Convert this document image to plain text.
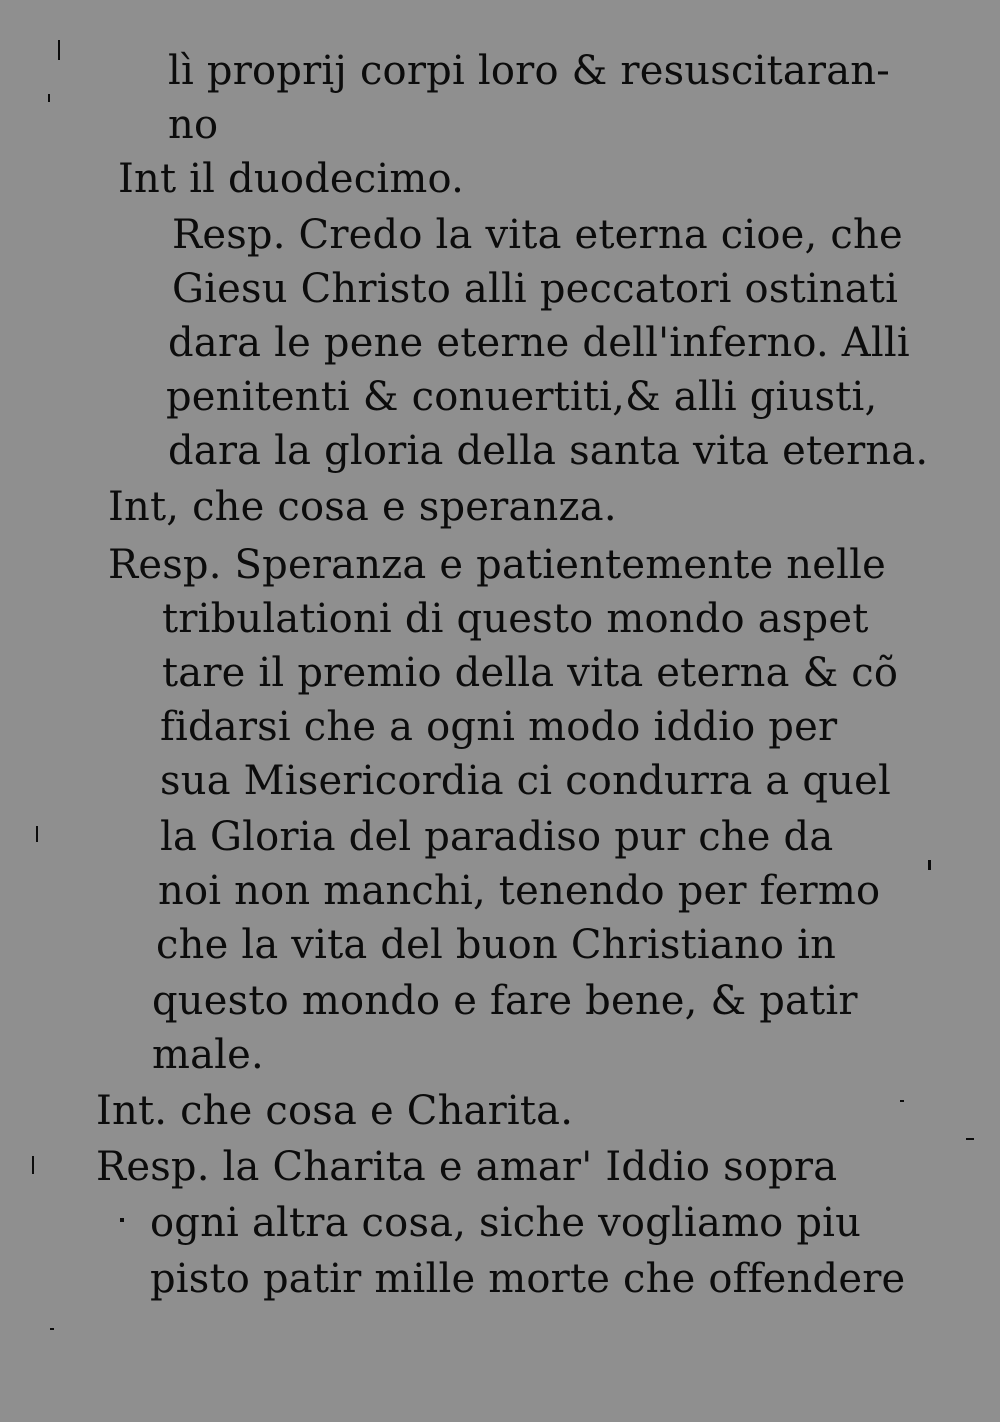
lì proprij corpi loro & resuscitaran-
no
Int il duodecimo.
Resp. Credo la vita eterna cioe, che
Giesu Christo alli peccatori ostinati
dara le pene eterne dell'inferno. Alli
penitenti & conuertiti,& alli giusti,
dara la gloria della santa vita eterna.
Int, che cosa e speranza.
Resp. Speranza e patientemente nelle
tribulationi di questo mondo aspet
tare il premio della vita eterna & cõ
fidarsi che a ogni modo iddio per
sua Misericordia ci condurra a quel
la Gloria del paradiso pur che da
noi non manchi, tenendo per fermo
che la vita del buon Christiano in
questo mondo e fare bene, & patir
male.
Int. che cosa e Charita.
Resp. la Charita e amar' Iddio sopra
ogni altra cosa, siche vogliamo piu
pisto patir mille morte che offendere
